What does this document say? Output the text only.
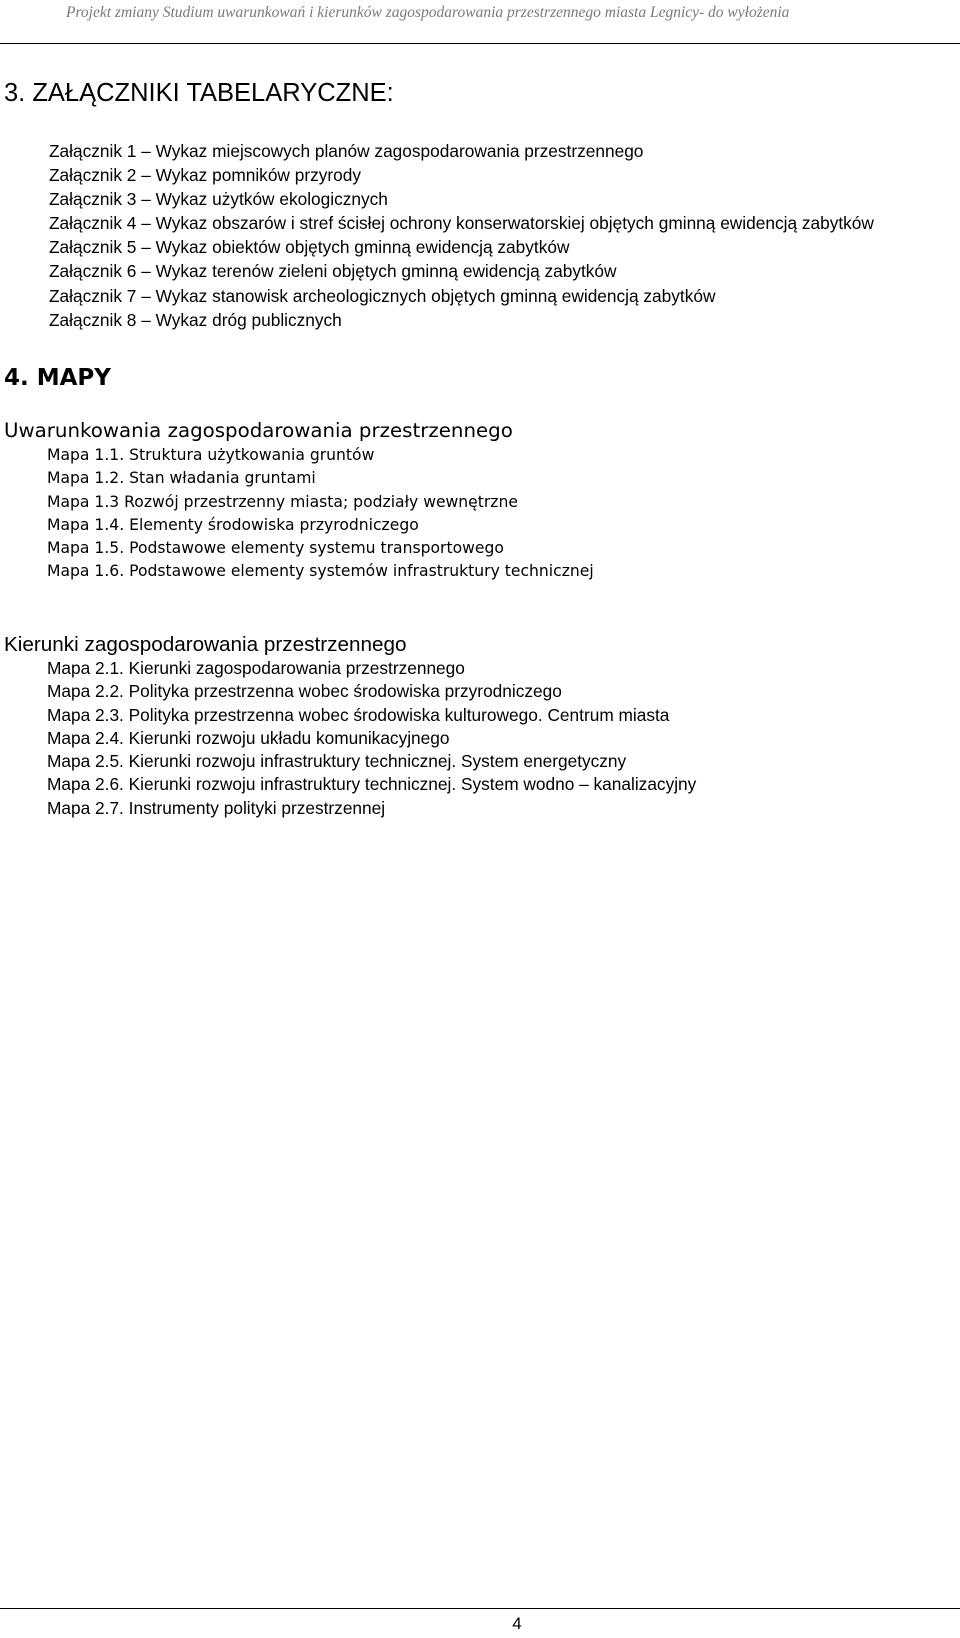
Projekt zmiany Studium uwarunkowań i kierunków zagospodarowania przestrzennego miasta Legnicy- do wyłożenia
3. ZAŁĄCZNIKI TABELARYCZNE:
Załącznik 1 – Wykaz miejscowych planów zagospodarowania przestrzennego
Załącznik 2 – Wykaz pomników przyrody
Załącznik 3 – Wykaz użytków ekologicznych
Załącznik 4 – Wykaz obszarów i stref ścisłej ochrony konserwatorskiej objętych gminną ewidencją zabytków
Załącznik 5 – Wykaz obiektów objętych gminną ewidencją zabytków
Załącznik 6 – Wykaz terenów zieleni objętych gminną ewidencją zabytków
Załącznik 7 – Wykaz stanowisk archeologicznych objętych gminną ewidencją zabytków
Załącznik 8 – Wykaz dróg publicznych
4. MAPY
Uwarunkowania zagospodarowania przestrzennego
Mapa 1.1. Struktura użytkowania gruntów
Mapa 1.2. Stan władania gruntami
Mapa 1.3 Rozwój przestrzenny miasta; podziały wewnętrzne
Mapa 1.4. Elementy środowiska przyrodniczego
Mapa 1.5. Podstawowe elementy systemu transportowego
Mapa 1.6. Podstawowe elementy systemów infrastruktury technicznej
Kierunki zagospodarowania przestrzennego
Mapa 2.1. Kierunki zagospodarowania przestrzennego
Mapa 2.2. Polityka przestrzenna wobec środowiska przyrodniczego
Mapa 2.3. Polityka przestrzenna wobec środowiska kulturowego. Centrum miasta
Mapa 2.4. Kierunki rozwoju układu komunikacyjnego
Mapa 2.5. Kierunki rozwoju infrastruktury technicznej. System energetyczny
Mapa 2.6. Kierunki rozwoju infrastruktury technicznej. System wodno – kanalizacyjny
Mapa 2.7. Instrumenty polityki przestrzennej
4
